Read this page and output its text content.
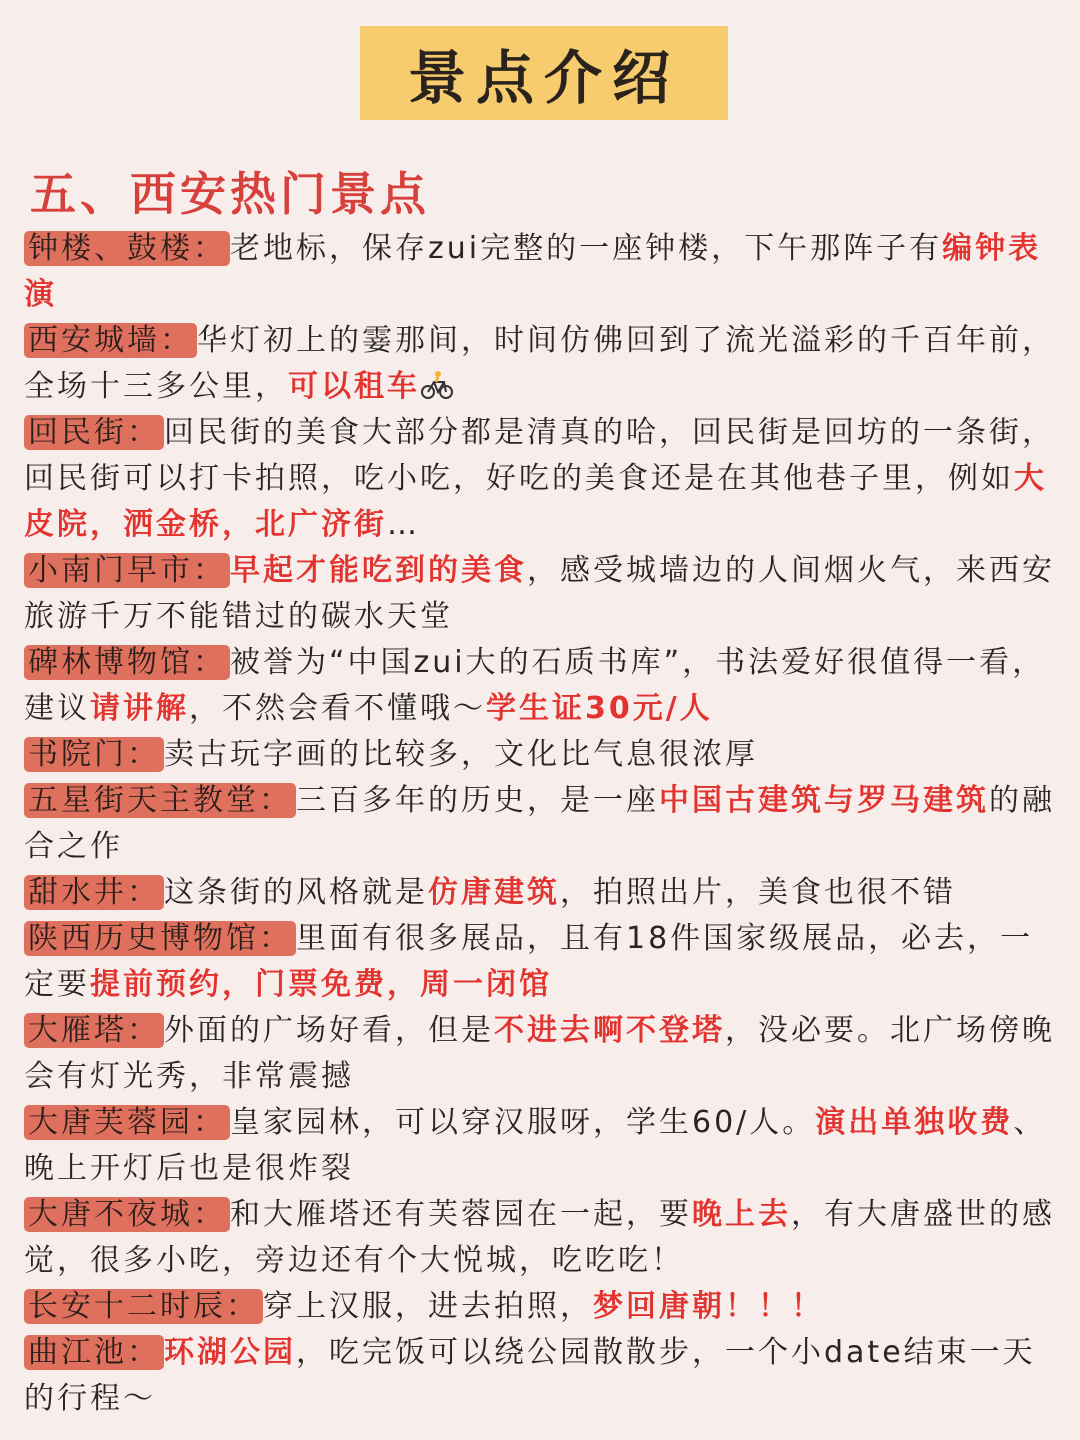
景点介绍
五、西安热门景点
钟楼、鼓楼： 老地标，保存zui完整的一座钟楼，下午那阵子有编钟表演
西安城墙： 华灯初上的霎那间，时间仿佛回到了流光溢彩的千百年前，全场十三多公里，可以租车
回民街： 回民街的美食大部分都是清真的哈，回民街是回坊的一条街，回民街可以打卡拍照，吃小吃，好吃的美食还是在其他巷子里，例如大皮院，洒金桥，北广济街…
小南门早市： 早起才能吃到的美食，感受城墙边的人间烟火气，来西安旅游千万不能错过的碳水天堂
碑林博物馆： 被誉为“中国zui大的石质书库”，书法爱好很值得一看，建议请讲解，不然会看不懂哦～学生证30元/人
书院门： 卖古玩字画的比较多，文化比气息很浓厚
五星街天主教堂： 三百多年的历史，是一座中国古建筑与罗马建筑的融合之作
甜水井： 这条街的风格就是仿唐建筑，拍照出片，美食也很不错
陕西历史博物馆： 里面有很多展品，且有18件国家级展品，必去，一定要提前预约，门票免费，周一闭馆
大雁塔： 外面的广场好看，但是不进去啊不登塔，没必要。北广场傍晚会有灯光秀，非常震撼
大唐芙蓉园： 皇家园林，可以穿汉服呀，学生60/人。演出单独收费、晚上开灯后也是很炸裂
大唐不夜城： 和大雁塔还有芙蓉园在一起，要晚上去，有大唐盛世的感觉，很多小吃，旁边还有个大悦城，吃吃吃！
长安十二时辰： 穿上汉服，进去拍照，梦回唐朝！！！
曲江池： 环湖公园，吃完饭可以绕公园散散步，一个小date结束一天的行程～
